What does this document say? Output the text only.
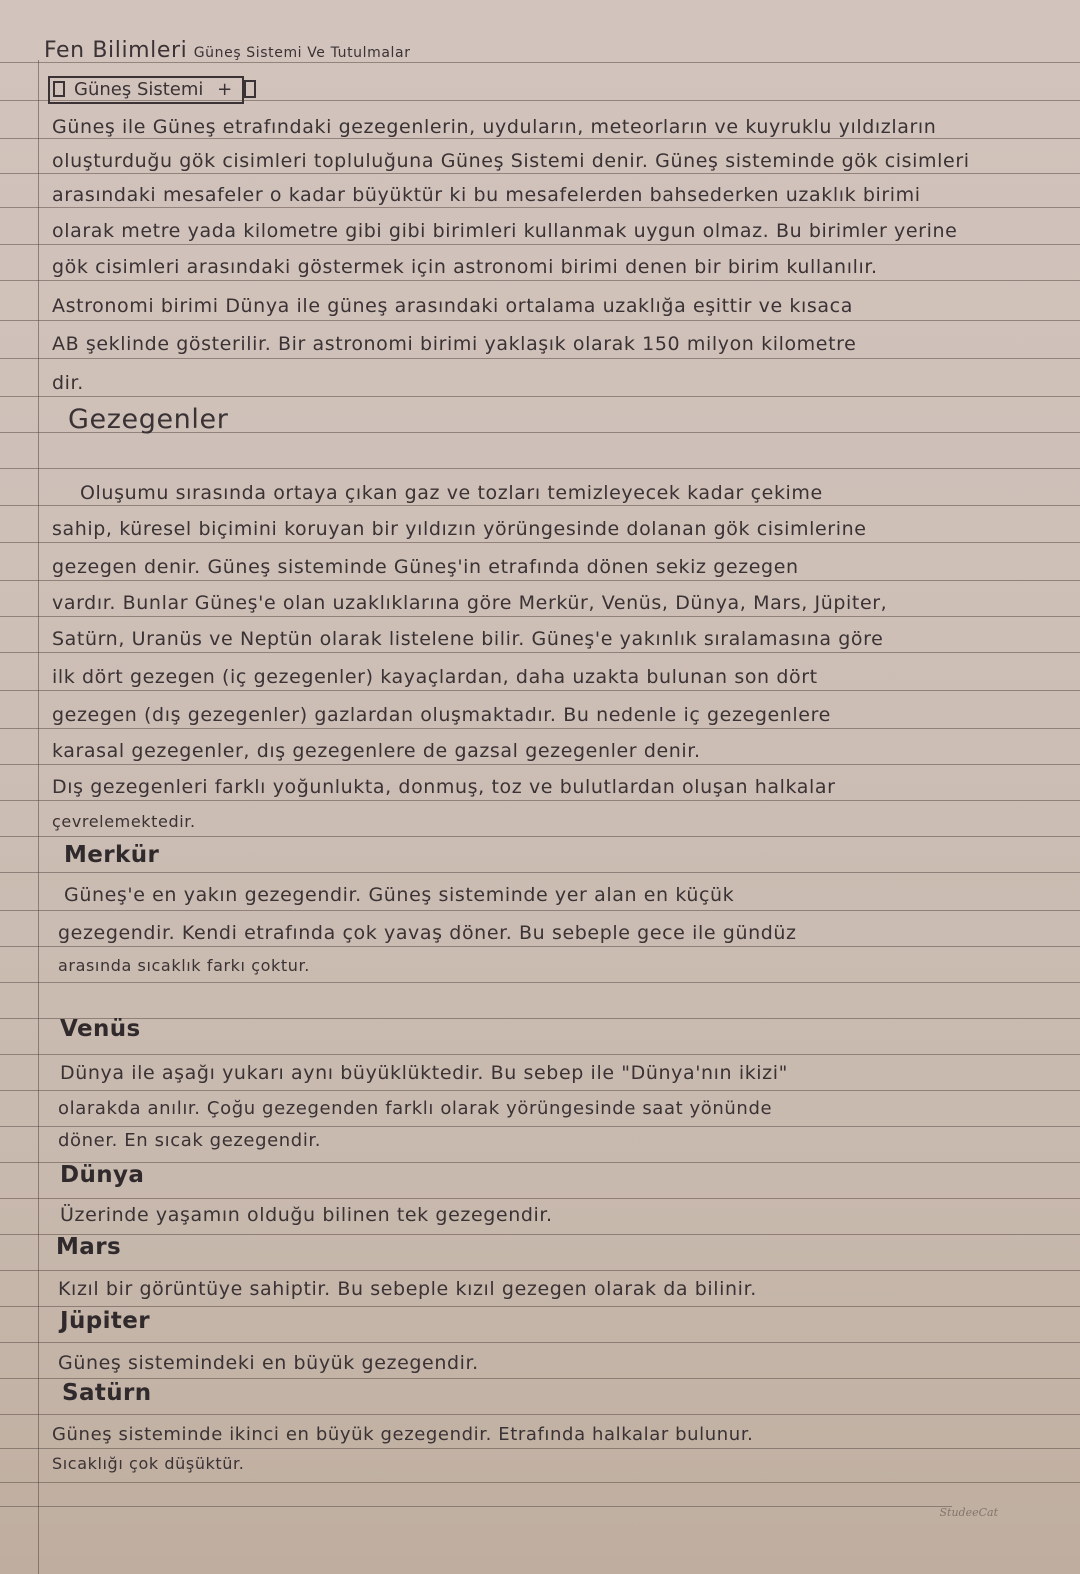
Fen Bilimleri Güneş Sistemi Ve Tutulmalar
Güneş Sistemi +
Güneş ile Güneş etrafındaki gezegenlerin, uyduların, meteorların ve kuyruklu yıldızların
oluşturduğu gök cisimleri topluluğuna Güneş Sistemi denir. Güneş sisteminde gök cisimleri
arasındaki mesafeler o kadar büyüktür ki bu mesafelerden bahsederken uzaklık birimi
olarak metre yada kilometre gibi gibi birimleri kullanmak uygun olmaz. Bu birimler yerine
gök cisimleri arasındaki göstermek için astronomi birimi denen bir birim kullanılır.
Astronomi birimi Dünya ile güneş arasındaki ortalama uzaklığa eşittir ve kısaca
AB şeklinde gösterilir. Bir astronomi birimi yaklaşık olarak 150 milyon kilometre
dir.
Gezegenler
Oluşumu sırasında ortaya çıkan gaz ve tozları temizleyecek kadar çekime
sahip, küresel biçimini koruyan bir yıldızın yörüngesinde dolanan gök cisimlerine
gezegen denir. Güneş sisteminde Güneş'in etrafında dönen sekiz gezegen
vardır. Bunlar Güneş'e olan uzaklıklarına göre Merkür, Venüs, Dünya, Mars, Jüpiter,
Satürn, Uranüs ve Neptün olarak listelene bilir. Güneş'e yakınlık sıralamasına göre
ilk dört gezegen (iç gezegenler) kayaçlardan, daha uzakta bulunan son dört
gezegen (dış gezegenler) gazlardan oluşmaktadır. Bu nedenle iç gezegenlere
karasal gezegenler, dış gezegenlere de gazsal gezegenler denir.
Dış gezegenleri farklı yoğunlukta, donmuş, toz ve bulutlardan oluşan halkalar
çevrelemektedir.
Merkür
Güneş'e en yakın gezegendir. Güneş sisteminde yer alan en küçük
gezegendir. Kendi etrafında çok yavaş döner. Bu sebeple gece ile gündüz
arasında sıcaklık farkı çoktur.
Venüs
Dünya ile aşağı yukarı aynı büyüklüktedir. Bu sebep ile "Dünya'nın ikizi"
olarakda anılır. Çoğu gezegenden farklı olarak yörüngesinde saat yönünde
döner. En sıcak gezegendir.
Dünya
Üzerinde yaşamın olduğu bilinen tek gezegendir.
Mars
Kızıl bir görüntüye sahiptir. Bu sebeple kızıl gezegen olarak da bilinir.
Jüpiter
Güneş sistemindeki en büyük gezegendir.
Satürn
Güneş sisteminde ikinci en büyük gezegendir. Etrafında halkalar bulunur.
Sıcaklığı çok düşüktür.
StudeeCat
